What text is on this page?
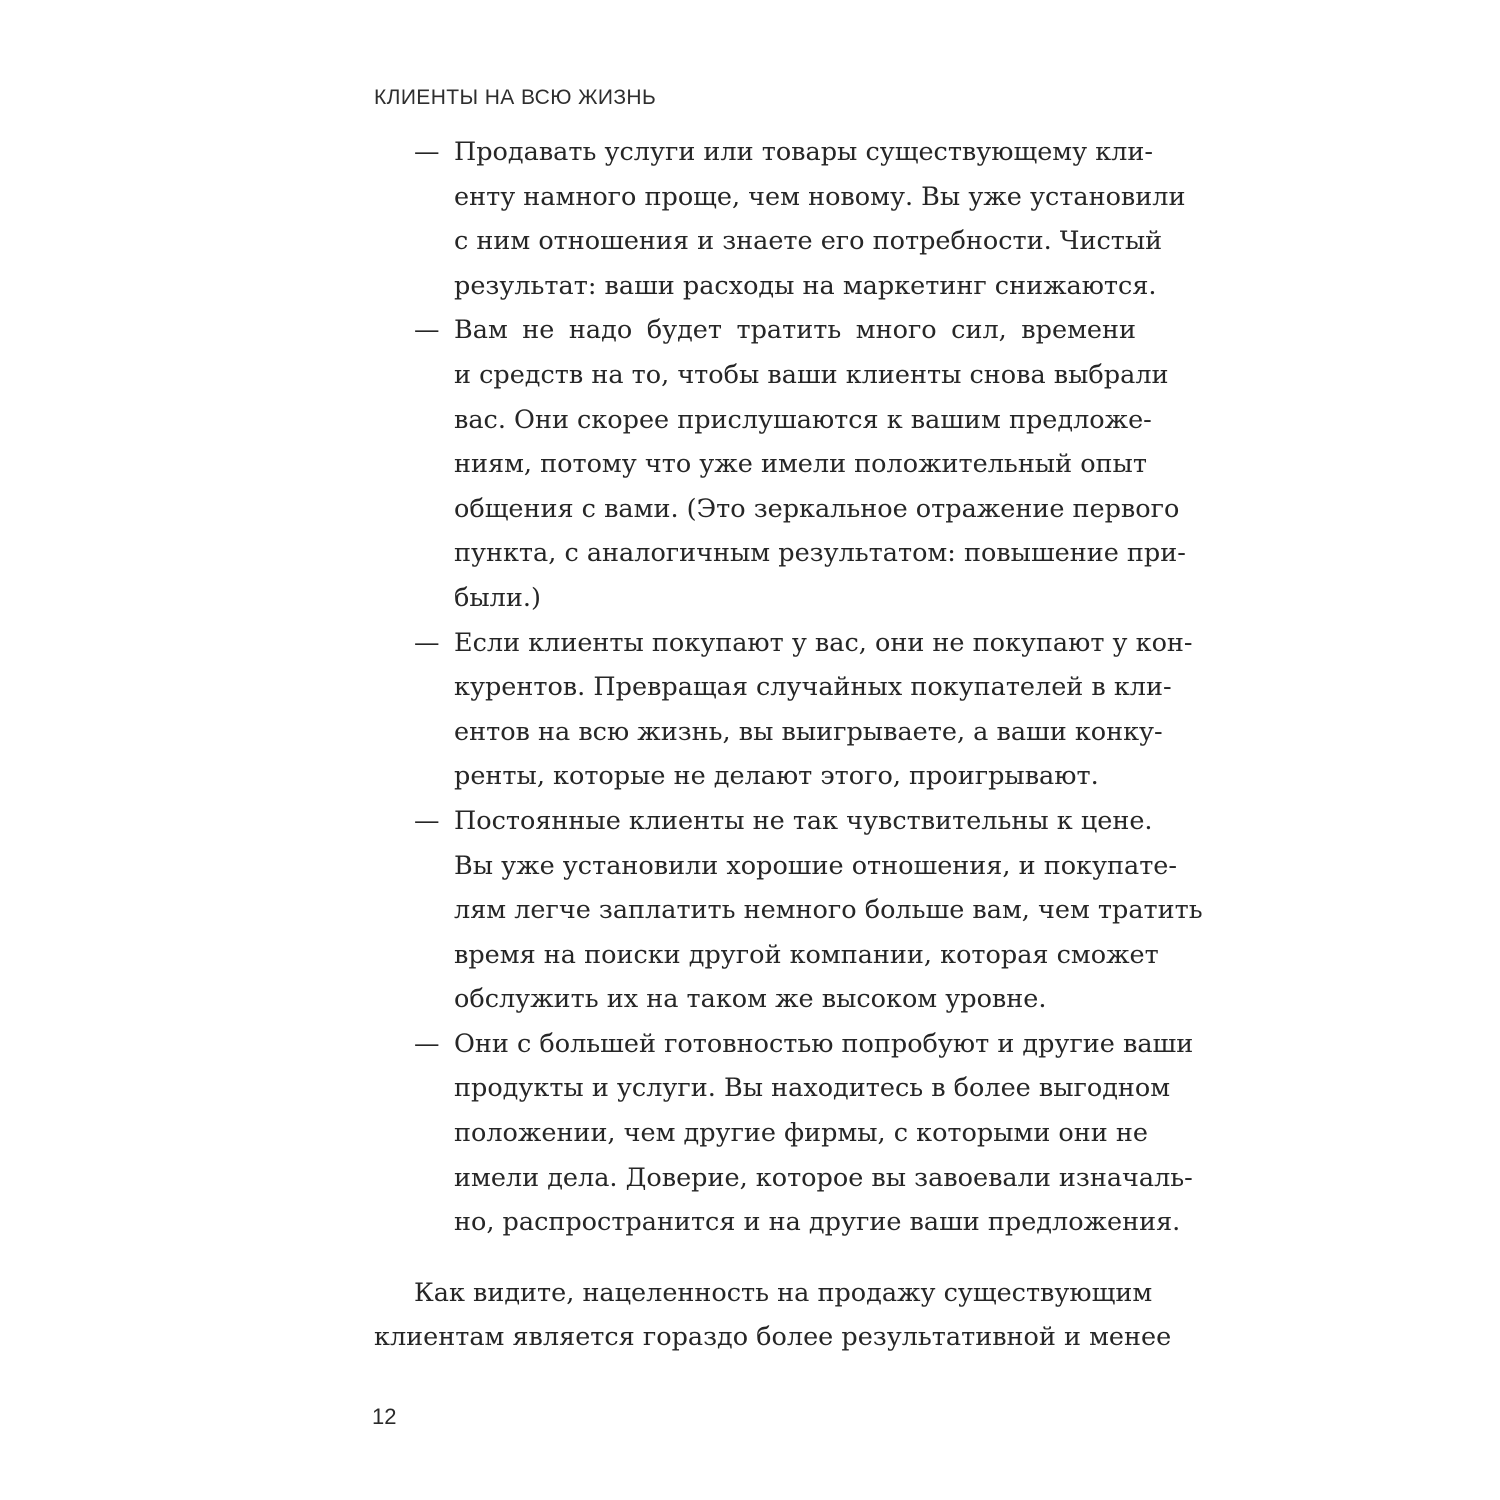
КЛИЕНТЫ НА ВСЮ ЖИЗНЬ
— Продавать услуги или товары существующему кли-
енту намного проще, чем новому. Вы уже установили
с ним отношения и знаете его потребности. Чистый
результат: ваши расходы на маркетинг снижаются.
— Вам не надо будет тратить много сил, времени
и средств на то, чтобы ваши клиенты снова выбрали
вас. Они скорее прислушаются к вашим предложе-
ниям, потому что уже имели положительный опыт
общения с вами. (Это зеркальное отражение первого
пункта, с аналогичным результатом: повышение при-
были.)
— Если клиенты покупают у вас, они не покупают у кон-
курентов. Превращая случайных покупателей в кли-
ентов на всю жизнь, вы выигрываете, а ваши конку-
ренты, которые не делают этого, проигрывают.
— Постоянные клиенты не так чувствительны к цене.
Вы уже установили хорошие отношения, и покупате-
лям легче заплатить немного больше вам, чем тратить
время на поиски другой компании, которая сможет
обслужить их на таком же высоком уровне.
— Они с большей готовностью попробуют и другие ваши
продукты и услуги. Вы находитесь в более выгодном
положении, чем другие фирмы, с которыми они не
имели дела. Доверие, которое вы завоевали изначаль-
но, распространится и на другие ваши предложения.
Как видите, нацеленность на продажу существующим
клиентам является гораздо более результативной и менее
12
